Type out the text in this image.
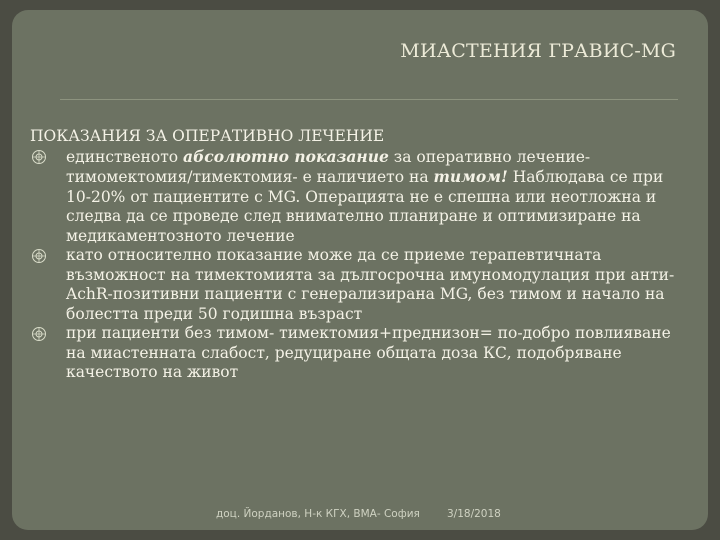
МИАСТЕНИЯ ГРАВИС-MG
ПОКАЗАНИЯ ЗА ОПЕРАТИВНО ЛЕЧЕНИЕ
единственото абсолютно показание за оперативно лечение-тимомектомия/тимектомия- е наличието на тимом! Наблюдава се при 10-20% от пациентите с MG. Операцията не е спешна или неотложна и следва да се проведе след внимателно планиране и оптимизиране на медикаментозното лечение
като относително показание може да се приеме терапевтичната възможност на тимектомията за дългосрочна имуномодулация при анти-AchR-позитивни пациенти с генерализирана MG, без тимом и начало на болестта преди 50 годишна възраст
при пациенти без тимом- тимектомия+преднизон= по-добро повлияване на миастенната слабост, редуциране общата доза КС, подобряване качеството на живот
доц. Йорданов, Н-к КГХ, ВМА- София	3/18/2018
